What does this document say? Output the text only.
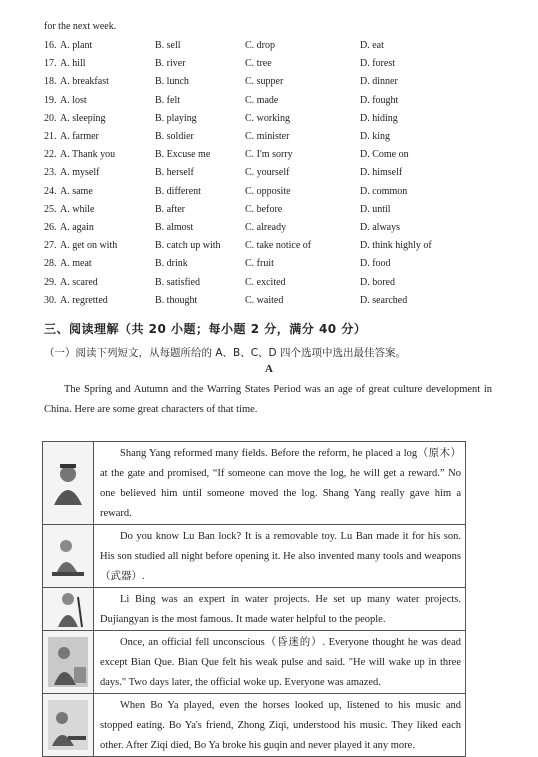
for the next week.
16. A. plant	B. sell	C. drop	D. eat
17. A. hill	B. river	C. tree	D. forest
18. A. breakfast	B. lunch	C. supper	D. dinner
19. A. lost	B. felt	C. made	D. fought
20. A. sleeping	B. playing	C. working	D. hiding
21. A. farmer	B. soldier	C. minister	D. king
22. A. Thank you	B. Excuse me	C. I'm sorry	D. Come on
23. A. myself	B. herself	C. yourself	D. himself
24. A. same	B. different	C. opposite	D. common
25. A. while	B. after	C. before	D. until
26. A. again	B. almost	C. already	D. always
27. A. get on with	B. catch up with C. take notice of	D. think highly of
28. A. meat	B. drink	C. fruit	D. food
29. A. scared	B. satisfied	C. excited	D. bored
30. A. regretted	B. thought	C. waited	D. searched
三、阅读理解（共 20 小题；每小题 2 分，满分 40 分）
（一）阅读下列短文，从每题所给的 A、B、C、D 四个选项中选出最佳答案。
A
The Spring and Autumn and the Warring States Period was an age of great culture development in China. Here are some great characters of that time.
Shang Yang reformed many fields. Before the reform, he placed a log（原木）at the gate and promised, “If someone can move the log, he will get a reward.” No one believed him until someone moved the log. Shang Yang really gave him a reward.
Do you know Lu Ban lock? It is a removable toy. Lu Ban made it for his son. His son studied all night before opening it. He also invented many tools and weapons（武器）.
Li Bing was an expert in water projects. He set up many water projects. Dujiangyan is the most famous. It made water helpful to the people.
Once, an official fell unconscious（昏迷的）. Everyone thought he was dead except Bian Que. Bian Que felt his weak pulse and said. "He will wake up in three days." Two days later, the official woke up. Everyone was amazed.
When Bo Ya played, even the horses looked up, listened to his music and stopped eating. Bo Ya's friend, Zhong Ziqi, understood his music. They liked each other. After Ziqi died, Bo Ya broke his guqin and never played it any more.
